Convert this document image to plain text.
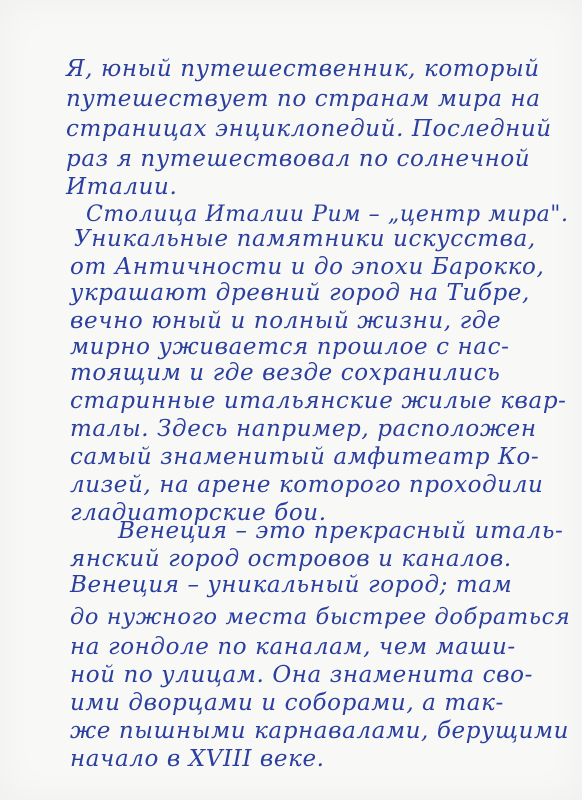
Я, юный путешественник, который
путешествует по странам мира на
страницах энциклопедий. Последний
раз я путешествовал по солнечной
Италии.
Столица Италии Рим – „центр мира".
Уникальные памятники искусства,
от Античности и до эпохи Барокко,
украшают древний город на Тибре,
вечно юный и полный жизни, где
мирно уживается прошлое с нас-
тоящим и где везде сохранились
старинные итальянские жилые квар-
талы. Здесь например, расположен
самый знаменитый амфитеатр Ко-
лизей, на арене которого проходили
гладиаторские бои.
Венеция – это прекрасный италь-
янский город островов и каналов.
Венеция – уникальный город; там
до нужного места быстрее добраться
на гондоле по каналам, чем маши-
ной по улицам. Она знаменита сво-
ими дворцами и соборами, а так-
же пышными карнавалами, берущими
начало в XVIII веке.
